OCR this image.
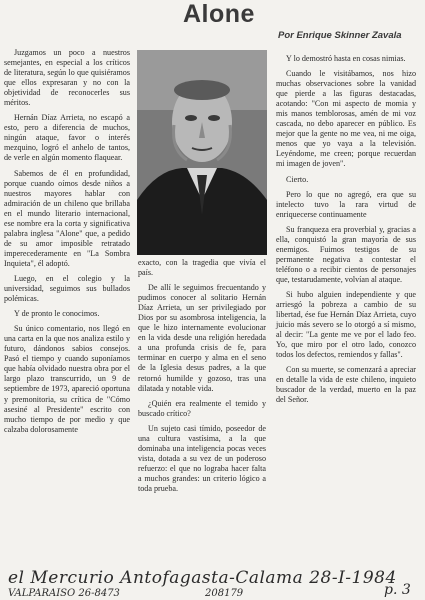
Alone
Por Enrique Skinner Zavala

Juzgamos un poco a nuestros semejantes, en especial a los críticos de literatura, según lo que quisiéramos que ellos expresaran y no con la objetividad de reconocerles sus méritos.

Hernán Díaz Arrieta, no escapó a esto, pero a diferencia de muchos, ningún ataque, favor o interés mezquino, logró el anhelo de tantos, de verle en algún momento flaquear.

Sabemos de él en profundidad, porque cuando oímos desde niños a nuestros mayores hablar con admiración de un chileno que brillaba en el mundo literario internacional, ese nombre era la corta y significativa palabra inglesa "Alone" que, a pedido de su amor imposible retratado imperecederamente en "La Sombra Inquieta", él adoptó.

Luego, en el colegio y la universidad, seguimos sus bullados polémicas.

Y de pronto le conocimos.

Su único comentario, nos llegó en una carta en la que nos analiza estilo y futuro, dándonos sabios consejos. Pasó el tiempo y cuando suponíamos que había olvidado nuestra obra por el largo plazo transcurrido, un 9 de septiembre de 1973, apareció oportuna y premonitoria, su crítica de "Cómo asesiné al Presidente" escrito con mucho tiempo de por medio y que calzaba dolorosamente

exacto, con la tragedia que vivía el país.

De allí le seguimos frecuentando y pudimos conocer al solitario Hernán Díaz Arrieta, un ser privilegiado por Dios por su asombrosa inteligencia, la que le hizo internamente evolucionar en la vida desde una religión heredada a una profunda crisis de fe, para terminar en cuerpo y alma en el seno de la Iglesia desus padres, a la que retornó humilde y gozoso, tras una dilatada y notable vida.

¿Quién era realmente el temido y buscado crítico?

Un sujeto casi tímido, poseedor de una cultura vastísima, a la que dominaba una inteligencia pocas veces vista, dotada a su vez de un poderoso refuerzo: el que no lograba hacer falta a muchos grandes: un criterio lógico a toda prueba.

Y lo demostró hasta en cosas nimias.

Cuando le visitábamos, nos hizo muchas observaciones sobre la vanidad que pierde a las figuras destacadas, acotando: "Con mi aspecto de momia y mis manos temblorosas, amén de mi voz cascada, no debo aparecer en público. Es mejor que la gente no me vea, ni me oiga, menos que yo vaya a la televisión. Leyéndome, me creen; porque recuerdan mi imagen de joven".

Cierto.

Pero lo que no agregó, era que su intelecto tuvo la rara virtud de enriquecerse continuamente

Su franqueza era proverbial y, gracias a ella, conquistó la gran mayoría de sus enemigos. Fuimos testigos de su permanente negativa a contestar el teléfono o a recibir cientos de personajes que, testarudamente, volvían al ataque.

Si hubo alguien independiente y que arriesgó la pobreza a cambio de su libertad, ése fue Hernán Díaz Arrieta, cuyo juicio más severo se lo otorgó a sí mismo, al decir: "La gente me ve por el lado feo. Yo, que miro por el otro lado, conozco todos los defectos, remiendos y fallas".

Con su muerte, se comenzará a apreciar en detalle la vida de este chileno, inquieto buscador de la verdad, muerto en la paz del Señor.

el Mercurio Antofagasta-Calama 28-I-1984
VALPARAISO 26-8473	208179	p. 3
